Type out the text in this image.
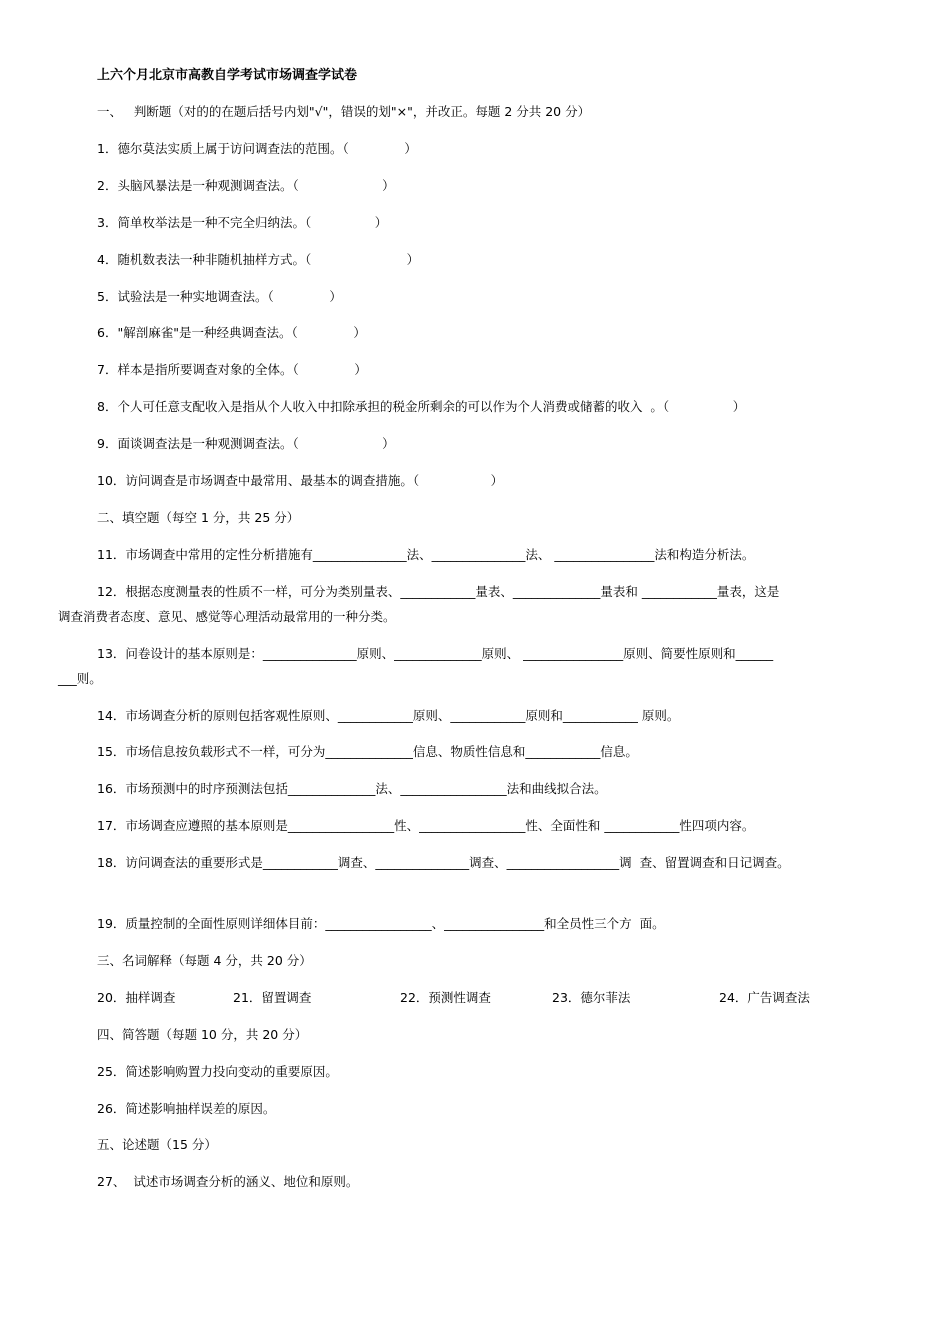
上六个月北京市高教自学考试市场调查学试卷
一、   判断题（对的的在题后括号内划"√"，错误的划"×"，并改正。每题 2 分共 20 分）
1．德尔莫法实质上属于访问调查法的范围。（              ）
2．头脑风暴法是一种观测调查法。（                     ）
3．简单枚举法是一种不完全归纳法。（                ）
4．随机数表法一种非随机抽样方式。（                        ）
5．试验法是一种实地调查法。（              ）
6．"解剖麻雀"是一种经典调查法。（              ）
7．样本是指所要调查对象的全体。（              ）
8．个人可任意支配收入是指从个人收入中扣除承担的税金所剩余的可以作为个人消费或储蓄的收入  。（                ）
9．面谈调查法是一种观测调查法。（                     ）
10．访问调查是市场调查中最常用、最基本的调查措施。（                  ）
二、填空题（每空 1 分，共 25 分）
11．市场调查中常用的定性分析措施有_______________法、_______________法、 ________________法和构造分析法。
12．根据态度测量表的性质不一样，可分为类别量表、____________量表、______________量表和 ____________量表，这是
调查消费者态度、意见、感觉等心理活动最常用的一种分类。
13．问卷设计的基本原则是：_______________原则、______________原则、 ________________原则、简要性原则和______
___则。
14．市场调查分析的原则包括客观性原则、____________原则、____________原则和____________ 原则。
15．市场信息按负载形式不一样，可分为______________信息、物质性信息和____________信息。
16．市场预测中的时序预测法包括______________法、_________________法和曲线拟合法。
17．市场调查应遵照的基本原则是_________________性、_________________性、全面性和 ____________性四项内容。
18．访问调查法的重要形式是____________调查、_______________调查、__________________调  查、留置调查和日记调查。
19．质量控制的全面性原则详细体目前：_________________、________________和全员性三个方  面。
三、名词解释（每题 4 分，共 20 分）
20．抽样调查	21．留置调查	22．预测性调查	23．德尔菲法	24．广告调查法
四、简答题（每题 10 分，共 20 分）
25．简述影响购置力投向变动的重要原因。
26．简述影响抽样误差的原因。
五、论述题（15 分）
27、  试述市场调查分析的涵义、地位和原则。
